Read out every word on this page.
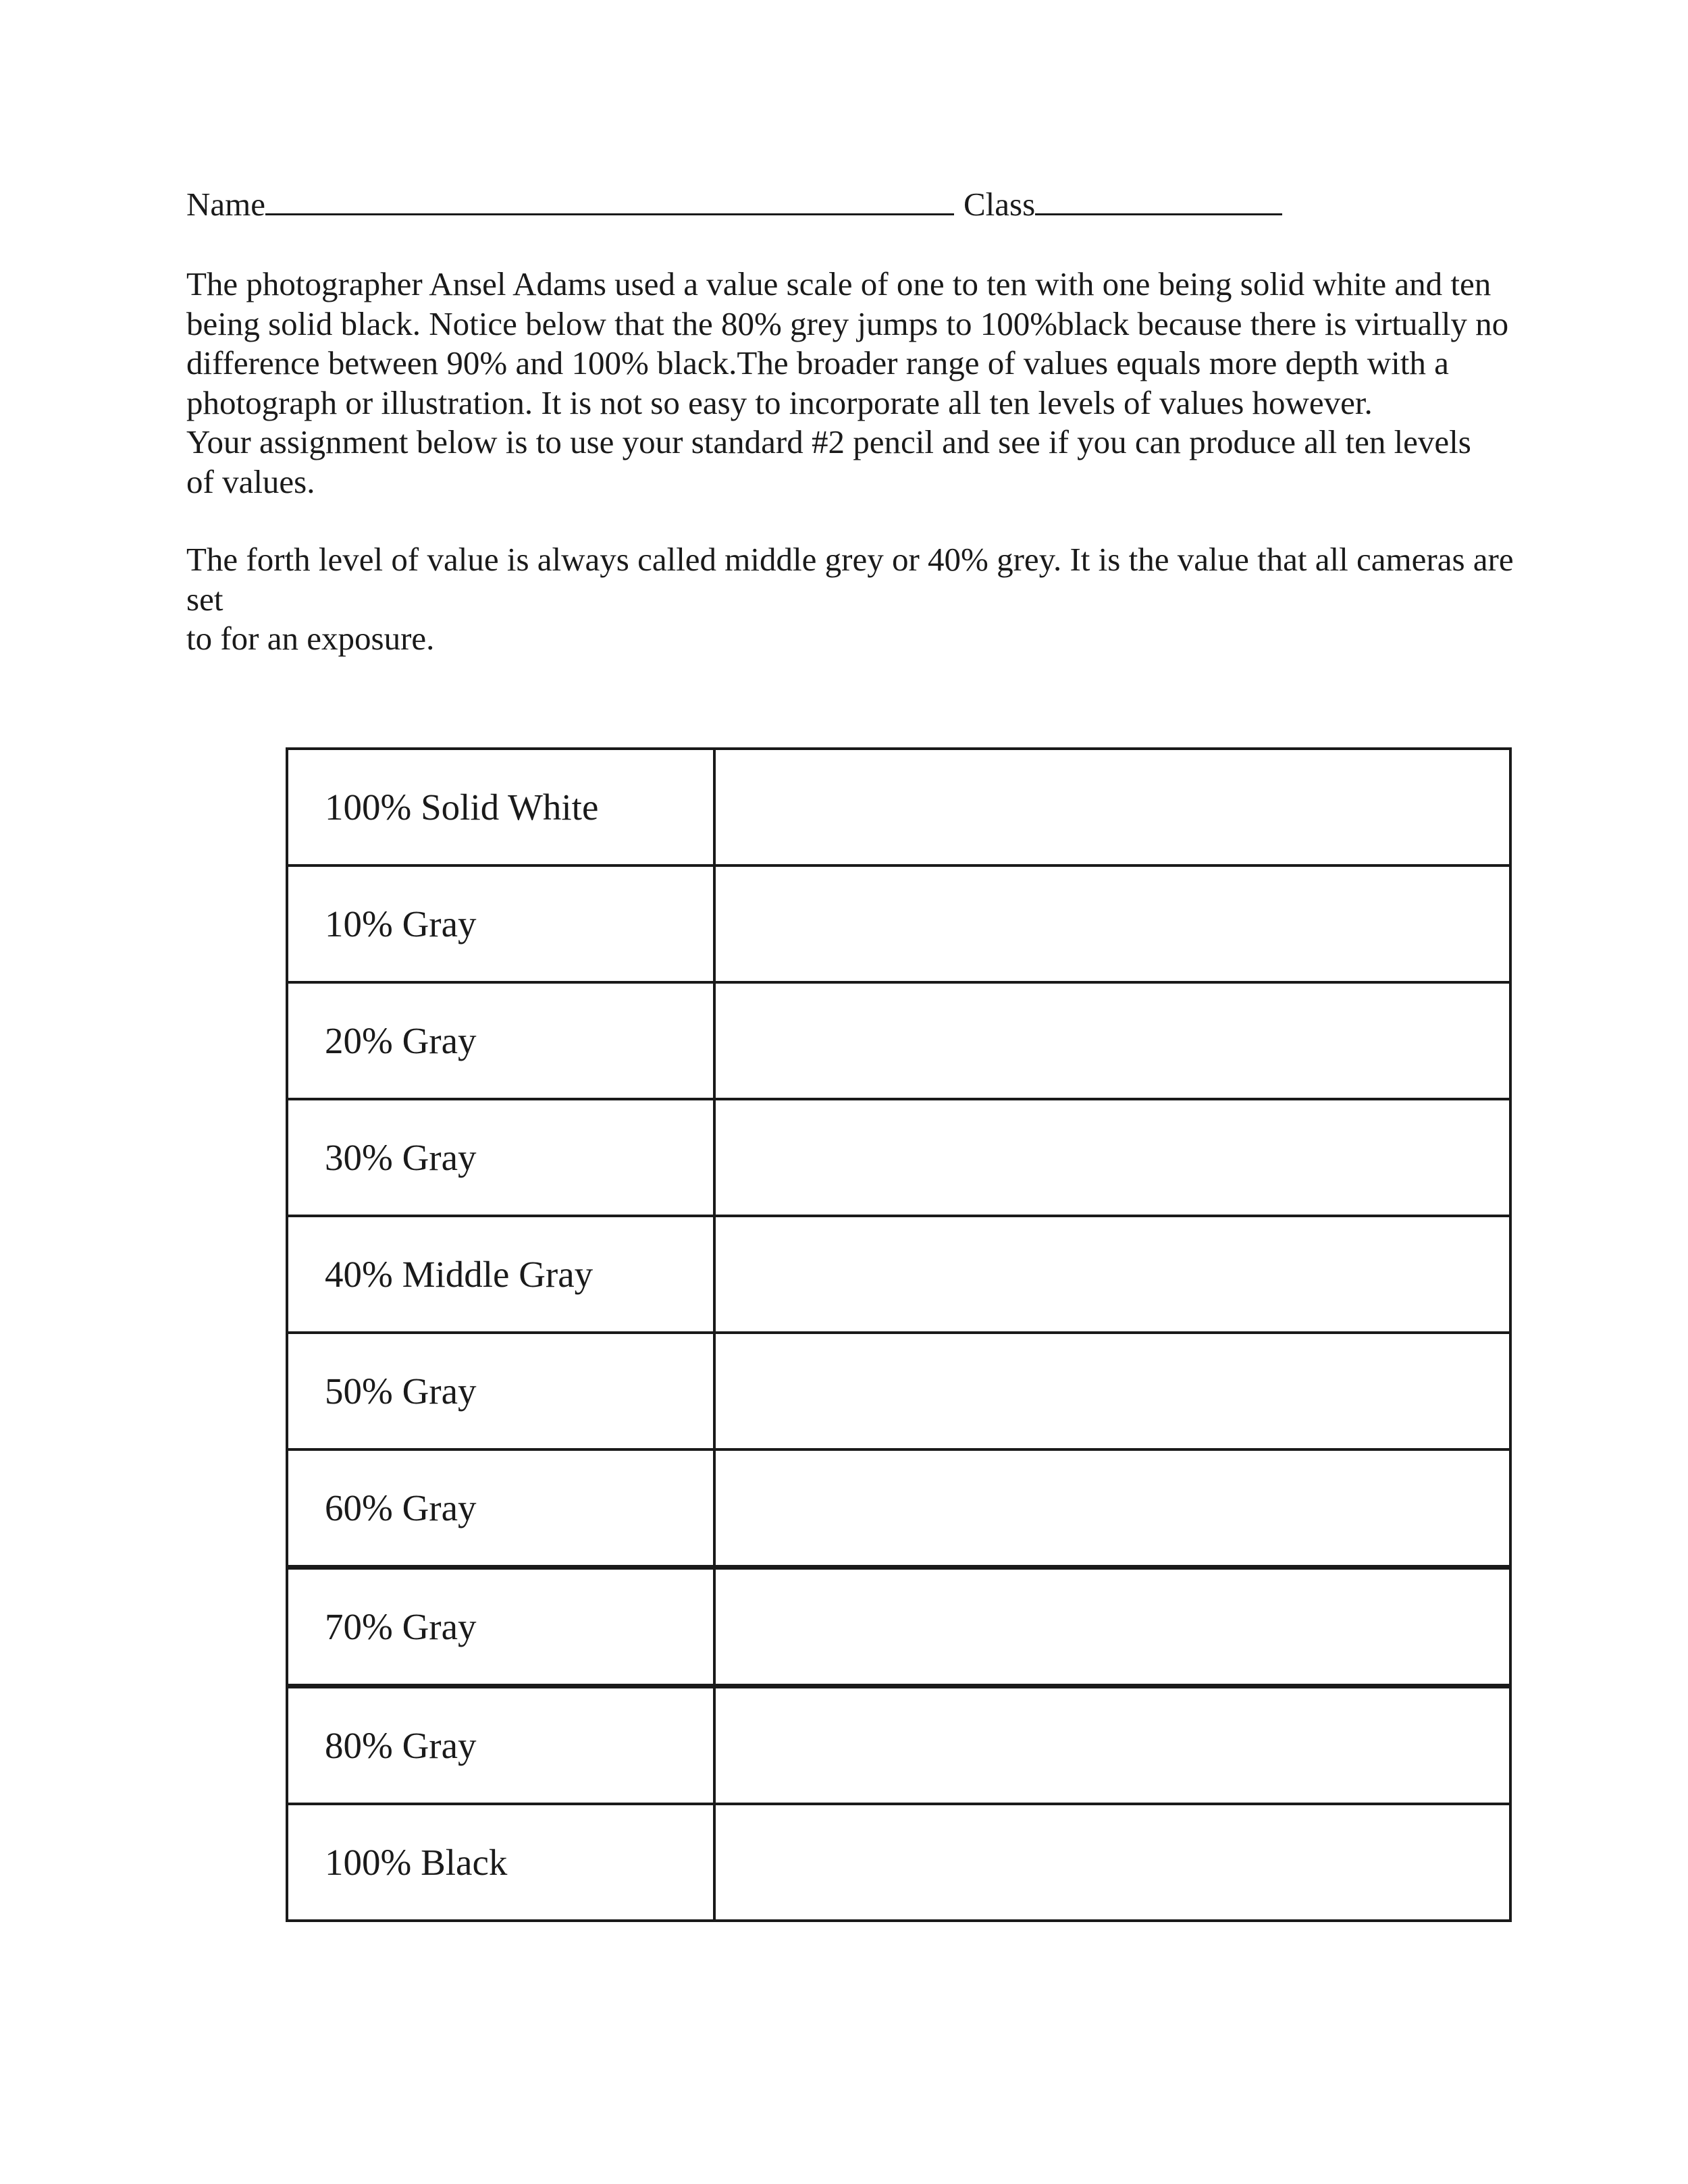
Name	Class

The photographer Ansel Adams used a value scale of one to ten with one being solid white and ten
being solid black. Notice below that the 80% grey jumps to 100%black because there is virtually no
difference between 90% and 100% black.The broader range of values equals more depth with a
photograph or illustration. It is not so easy to incorporate all ten levels of values however.
Your assignment below is to use your standard #2 pencil and see if you can produce all ten levels
of values.

The forth level of value is always called middle grey or 40% grey. It is the value that all cameras are set
to for an exposure.

100% Solid White	
10% Gray	
20% Gray	
30% Gray	
40% Middle Gray	
50% Gray	
60% Gray	
70% Gray	
80% Gray	
100% Black	
